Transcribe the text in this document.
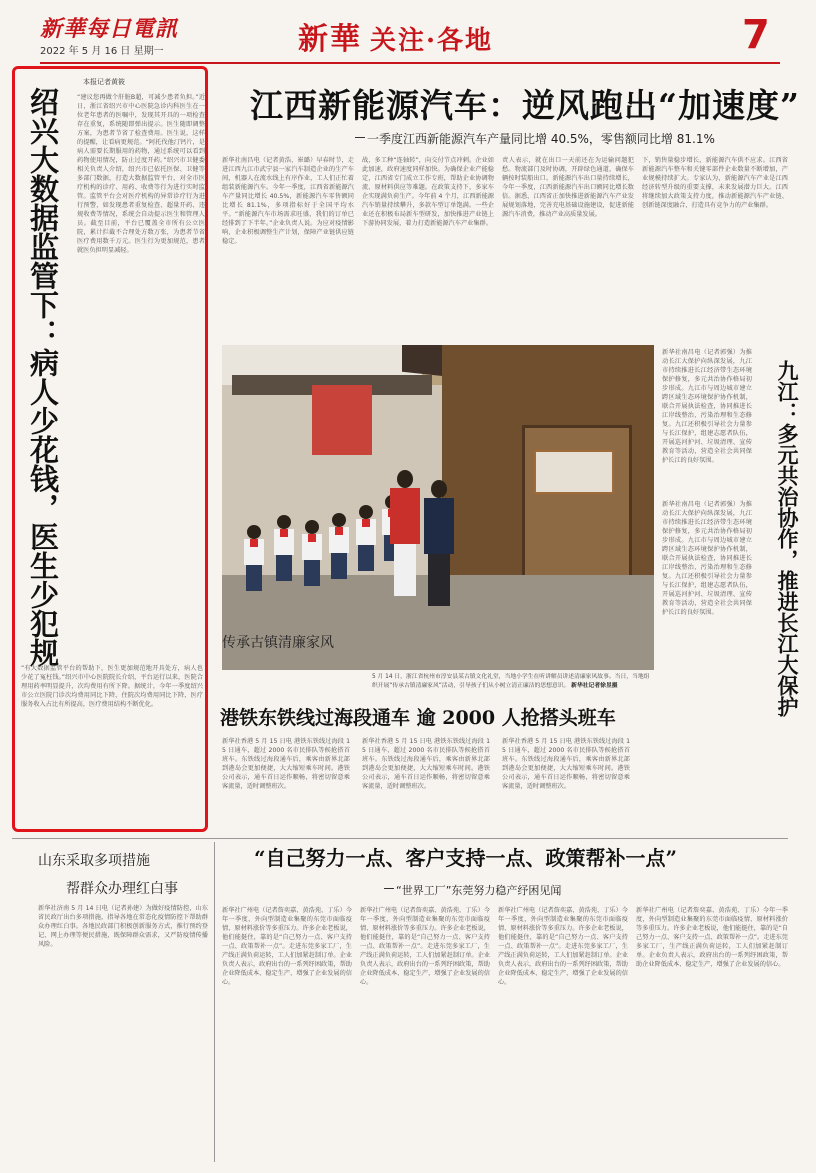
新華每日電訊
2022 年 5 月 16 日 星期一	新華 关注·各地	7
本报记者黄筱
绍兴大数据监管下：病人少花钱，医生少犯规	“建议您再做个肝脏B超，可减少患者负担。”近日，浙江省绍兴市中心医院急诊内科医生在一位老年患者的医嘱中，发现其开具的一项检查存在重复，系统随即弹出提示。医生随即调整方案，为患者节省了检查费用。医生说，这样的提醒，让看病更规范。“阿托伐他汀钙片，是病人需要长期服用的药物，通过系统可以看到药物使用情况，防止过度开药。”绍兴市卫健委相关负责人介绍，绍兴市已依托医保、卫健等多部门数据，打造大数据监管平台，对全市医疗机构的诊疗、用药、收费等行为进行实时监管。监管平台会对医疗机构的异常诊疗行为进行预警，如发现患者重复检查、超量开药、违规收费等情况，系统会自动提示医生和管理人员。截至目前，平台已覆盖全市所有公立医院，累计拦截不合理处方数万张，为患者节省医疗费用数千万元。医生行为更加规范，患者就医负担明显减轻。
“有大数据监管平台的帮助下，医生更加规范地开具处方，病人也少花了冤枉钱。”绍兴市中心医院院长介绍，平台运行以来，医院合理用药率明显提升，次均费用有所下降。据统计，今年一季度绍兴市公立医院门诊次均费用同比下降，住院次均费用同比下降，医疗服务收入占比有所提高，医疗费用结构不断优化。
江西新能源汽车：逆风跑出“加速度”
一季度江西新能源汽车产量同比增 40.5%，零售额同比增 81.1%
新华社南昌电（记者黄浩、崔璐）早春时节，走进江西九江市武宁县一家汽车制造企业的生产车间，机器人在流水线上有序作业，工人们正忙着组装新能源汽车。今年一季度，江西省新能源汽车产量同比增长 40.5%，新能源汽车零售额同比增长 81.1%，多项指标好于全国平均水平。“新能源汽车市场需求旺盛，我们的订单已经排到了下半年。”企业负责人说。为应对疫情影响，企业积极调整生产计划，保障产业链供应链稳定。
战，多工种“连轴转”，向交付节点冲刺。企业如此加速，政府速度同样加快。为确保企业产能稳定，江西省专门成立工作专班，帮助企业协调物流、原材料供应等难题。在政策支持下，多家车企实现满负荷生产。今年前 4 个月，江西新能源汽车销量持续攀升，多款车型订单饱满。一些企业还在积极布局新车型研发，加快推进产业链上下游协同发展，着力打造新能源汽车产业集群。
责人表示，就在出口一天前还在为运输问题犯愁。物流部门及时协调，开辟绿色通道，确保车辆按时装船出口。新能源汽车出口量持续增长，今年一季度，江西新能源汽车出口额同比增长数倍。据悉，江西省正加快推进新能源汽车产业发展规划落地，完善充电基础设施建设，促进新能源汽车消费，推动产业高质量发展。
下，销售量稳步增长，新能源汽车供不应求。江西省新能源汽车整车和关键零部件企业数量不断增加，产业规模持续扩大。专家认为，新能源汽车产业是江西经济转型升级的重要支撑，未来发展潜力巨大。江西将继续加大政策支持力度，推动新能源汽车产业链、创新链深度融合，打造具有竞争力的产业集群。
传承古镇清廉家风
5 月 14 日，浙江省杭州市淳安县某古镇文化礼堂，当地小学生在听讲解员讲述清廉家风故事。当日，当地组织开展“传承古镇清廉家风”活动，引导孩子们从小树立清正廉洁的思想意识。 新华社记者徐昱摄
新华社南昌电（记者郭强）为推动长江大保护向纵深发展，九江市持续推进长江经济带生态环境保护修复，多元共治协作格局初步形成。九江市与周边城市建立跨区域生态环境保护协作机制，联合开展执法检查，协同推进长江岸线整治、污染治理和生态修复。九江还积极引导社会力量参与长江保护，组建志愿者队伍，开展巡河护河、垃圾清理、宣传教育等活动，营造全社会共同保护长江的良好氛围。	九江：多元共治协作，推进长江大保护
新华社南昌电（记者郭强）为推动长江大保护向纵深发展，九江市持续推进长江经济带生态环境保护修复，多元共治协作格局初步形成。九江市与周边城市建立跨区域生态环境保护协作机制，联合开展执法检查，协同推进长江岸线整治、污染治理和生态修复。九江还积极引导社会力量参与长江保护，组建志愿者队伍，开展巡河护河、垃圾清理、宣传教育等活动，营造全社会共同保护长江的良好氛围。
港铁东铁线过海段通车 逾 2000 人抢搭头班车
新华社香港 5 月 15 日电 港铁东铁线过海段 15 日通车，超过 2000 名市民排队等候抢搭首班车。东铁线过海段通车后，乘客由新界北部到港岛会更加便捷，大大缩短乘车时间。港铁公司表示，通车首日运作顺畅，将密切留意乘客流量，适时调整班次。
新华社香港 5 月 15 日电 港铁东铁线过海段 15 日通车，超过 2000 名市民排队等候抢搭首班车。东铁线过海段通车后，乘客由新界北部到港岛会更加便捷，大大缩短乘车时间。港铁公司表示，通车首日运作顺畅，将密切留意乘客流量，适时调整班次。
新华社香港 5 月 15 日电 港铁东铁线过海段 15 日通车，超过 2000 名市民排队等候抢搭首班车。东铁线过海段通车后，乘客由新界北部到港岛会更加便捷，大大缩短乘车时间。港铁公司表示，通车首日运作顺畅，将密切留意乘客流量，适时调整班次。
山东采取多项措施
帮群众办理红白事
新华社济南 5 月 14 日电（记者孙建）为做好疫情防控，山东省民政厅出台多项措施，指导各地在常态化疫情防控下帮助群众办理红白事。各地民政部门积极创新服务方式，推行预约登记、网上办理等便民措施，既保障群众需求，又严防疫情传播风险。
“自己努力一点、客户支持一点、政策帮补一点”
“世界工厂”东莞努力稳产纾困见闻
新华社广州电（记者詹奕嘉、黄浩苑、丁乐）今年一季度，外向型制造业集聚的东莞市面临疫情、原材料涨价等多重压力。许多企业老板说，他们能挺住，靠的是“自己努力一点、客户支持一点、政策帮补一点”。走进东莞多家工厂，生产线正满负荷运转，工人们加紧赶制订单。企业负责人表示，政府出台的一系列纾困政策，帮助企业降低成本、稳定生产，增强了企业发展的信心。
新华社广州电（记者詹奕嘉、黄浩苑、丁乐）今年一季度，外向型制造业集聚的东莞市面临疫情、原材料涨价等多重压力。许多企业老板说，他们能挺住，靠的是“自己努力一点、客户支持一点、政策帮补一点”。走进东莞多家工厂，生产线正满负荷运转，工人们加紧赶制订单。企业负责人表示，政府出台的一系列纾困政策，帮助企业降低成本、稳定生产，增强了企业发展的信心。
新华社广州电（记者詹奕嘉、黄浩苑、丁乐）今年一季度，外向型制造业集聚的东莞市面临疫情、原材料涨价等多重压力。许多企业老板说，他们能挺住，靠的是“自己努力一点、客户支持一点、政策帮补一点”。走进东莞多家工厂，生产线正满负荷运转，工人们加紧赶制订单。企业负责人表示，政府出台的一系列纾困政策，帮助企业降低成本、稳定生产，增强了企业发展的信心。
新华社广州电（记者詹奕嘉、黄浩苑、丁乐）今年一季度，外向型制造业集聚的东莞市面临疫情、原材料涨价等多重压力。许多企业老板说，他们能挺住，靠的是“自己努力一点、客户支持一点、政策帮补一点”。走进东莞多家工厂，生产线正满负荷运转，工人们加紧赶制订单。企业负责人表示，政府出台的一系列纾困政策，帮助企业降低成本、稳定生产，增强了企业发展的信心。
